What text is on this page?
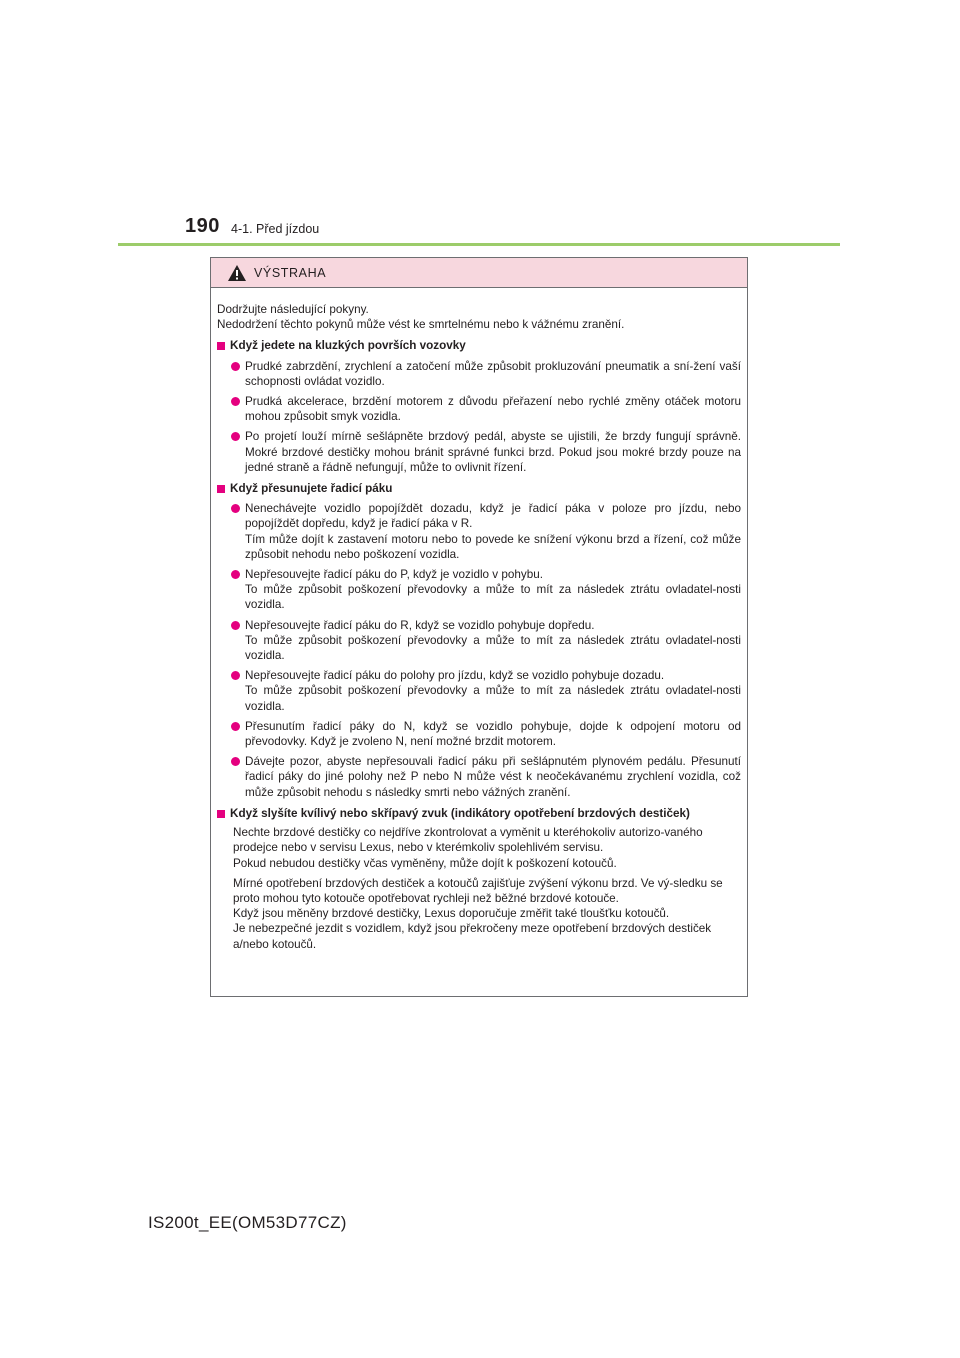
190 4-1. Před jízdou
VÝSTRAHA

Dodržujte následující pokyny.

Nedodržení těchto pokynů může vést ke smrtelnému nebo k vážnému zranění.

Když jedete na kluzkých površích vozovky

Prudké zabrzdění, zrychlení a zatočení může způsobit prokluzování pneumatik a sní-žení vaší schopnosti ovládat vozidlo.

Prudká akcelerace, brzdění motorem z důvodu přeřazení nebo rychlé změny otáček motoru mohou způsobit smyk vozidla.

Po projetí louží mírně sešlápněte brzdový pedál, abyste se ujistili, že brzdy fungují správně. Mokré brzdové destičky mohou bránit správné funkci brzd. Pokud jsou mokré brzdy pouze na jedné straně a řádně nefungují, může to ovlivnit řízení.

Když přesunujete řadicí páku

Nenechávejte vozidlo popojíždět dozadu, když je řadicí páka v poloze pro jízdu, nebo popojíždět dopředu, když je řadicí páka v R.

Tím může dojít k zastavení motoru nebo to povede ke snížení výkonu brzd a řízení, což může způsobit nehodu nebo poškození vozidla.

Nepřesouvejte řadicí páku do P, když je vozidlo v pohybu.

To může způsobit poškození převodovky a může to mít za následek ztrátu ovladatel-nosti vozidla.

Nepřesouvejte řadicí páku do R, když se vozidlo pohybuje dopředu.

To může způsobit poškození převodovky a může to mít za následek ztrátu ovladatel-nosti vozidla.

Nepřesouvejte řadicí páku do polohy pro jízdu, když se vozidlo pohybuje dozadu.

To může způsobit poškození převodovky a může to mít za následek ztrátu ovladatel-nosti vozidla.

Přesunutím řadicí páky do N, když se vozidlo pohybuje, dojde k odpojení motoru od převodovky. Když je zvoleno N, není možné brzdit motorem.

Dávejte pozor, abyste nepřesouvali řadicí páku při sešlápnutém plynovém pedálu. Přesunutí řadicí páky do jiné polohy než P nebo N může vést k neočekávanému zrychlení vozidla, což může způsobit nehodu s následky smrti nebo vážných zranění.

Když slyšíte kvílivý nebo skřípavý zvuk (indikátory opotřebení brzdových destiček)

Nechte brzdové destičky co nejdříve zkontrolovat a vyměnit u kteréhokoliv autorizo-vaného prodejce nebo v servisu Lexus, nebo v kterémkoliv spolehlivém servisu.

Pokud nebudou destičky včas vyměněny, může dojít k poškození kotoučů.

Mírné opotřebení brzdových destiček a kotoučů zajišťuje zvýšení výkonu brzd. Ve vý-sledku se proto mohou tyto kotouče opotřebovat rychleji než běžné brzdové kotouče.

Když jsou měněny brzdové destičky, Lexus doporučuje změřit také tloušťku kotoučů.

Je nebezpečné jezdit s vozidlem, když jsou překročeny meze opotřebení brzdových destiček a/nebo kotoučů.

IS200t_EE(OM53D77CZ)
